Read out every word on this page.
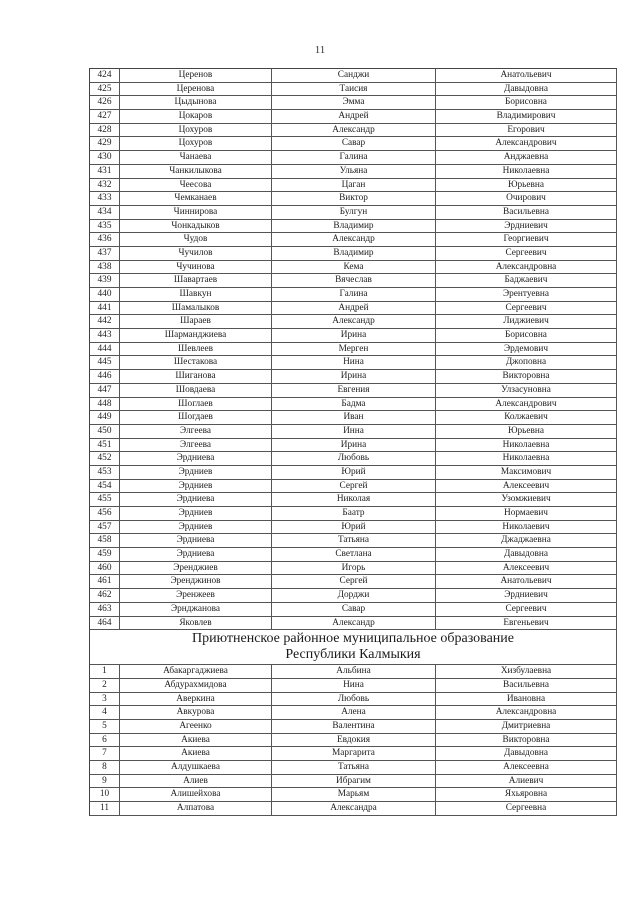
11
424	Церенов	Санджи	Анатольевич
425	Церенова	Таисия	Давыдовна
426	Цыдынова	Эмма	Борисовна
427	Цокаров	Андрей	Владимирович
428	Цохуров	Александр	Егорович
429	Цохуров	Савар	Александрович
430	Чанаева	Галина	Анджаевна
431	Чанкилыкова	Ульяна	Николаевна
432	Чеесова	Цаган	Юрьевна
433	Чемканаев	Виктор	Очирович
434	Чиннирова	Булгун	Васильевна
435	Чонкадыков	Владимир	Эрдниевич
436	Чудов	Александр	Георгиевич
437	Чучилов	Владимир	Сергеевич
438	Чучинова	Кема	Александровна
439	Шавартаев	Вячеслав	Баджаевич
440	Шавкун	Галина	Эрентуевна
441	Шамалыков	Андрей	Сергеевич
442	Шараев	Александр	Лиджиевич
443	Шарманджиева	Ирина	Борисовна
444	Шевлеев	Мерген	Эрдемович
445	Шестакова	Нина	Джоповна
446	Шиганова	Ирина	Викторовна
447	Шовдаева	Евгения	Улзасуновна
448	Шоглаев	Бадма	Александрович
449	Шогдаев	Иван	Колжаевич
450	Элгеева	Инна	Юрьевна
451	Элгеева	Ирина	Николаевна
452	Эрдниева	Любовь	Николаевна
453	Эрдниев	Юрий	Максимович
454	Эрдниев	Сергей	Алексеевич
455	Эрдниева	Николая	Узомжиевич
456	Эрдниев	Баатр	Нормаевич
457	Эрдниев	Юрий	Николаевич
458	Эрдниева	Татьяна	Джаджаевна
459	Эрдниева	Светлана	Давыдовна
460	Эренджиев	Игорь	Алексеевич
461	Эренджинов	Сергей	Анатольевич
462	Эренжеев	Дорджи	Эрдниевич
463	Эрнджанова	Савар	Сергеевич
464	Яковлев	Александр	Евгеньевич
Приютненское районное муниципальное образование
Республики Калмыкия
1	Абакаргаджиева	Альбина	Хизбулаевна
2	Абдурахмидова	Нина	Васильевна
3	Аверкина	Любовь	Ивановна
4	Авкурова	Алена	Александровна
5	Агеенко	Валентина	Дмитриевна
6	Акиева	Евдокия	Викторовна
7	Акиева	Маргарита	Давыдовна
8	Алдушкаева	Татьяна	Алексеевна
9	Алиев	Ибрагим	Алиевич
10	Алишейхова	Марьям	Яхьяровна
11	Алпатова	Александра	Сергеевна
